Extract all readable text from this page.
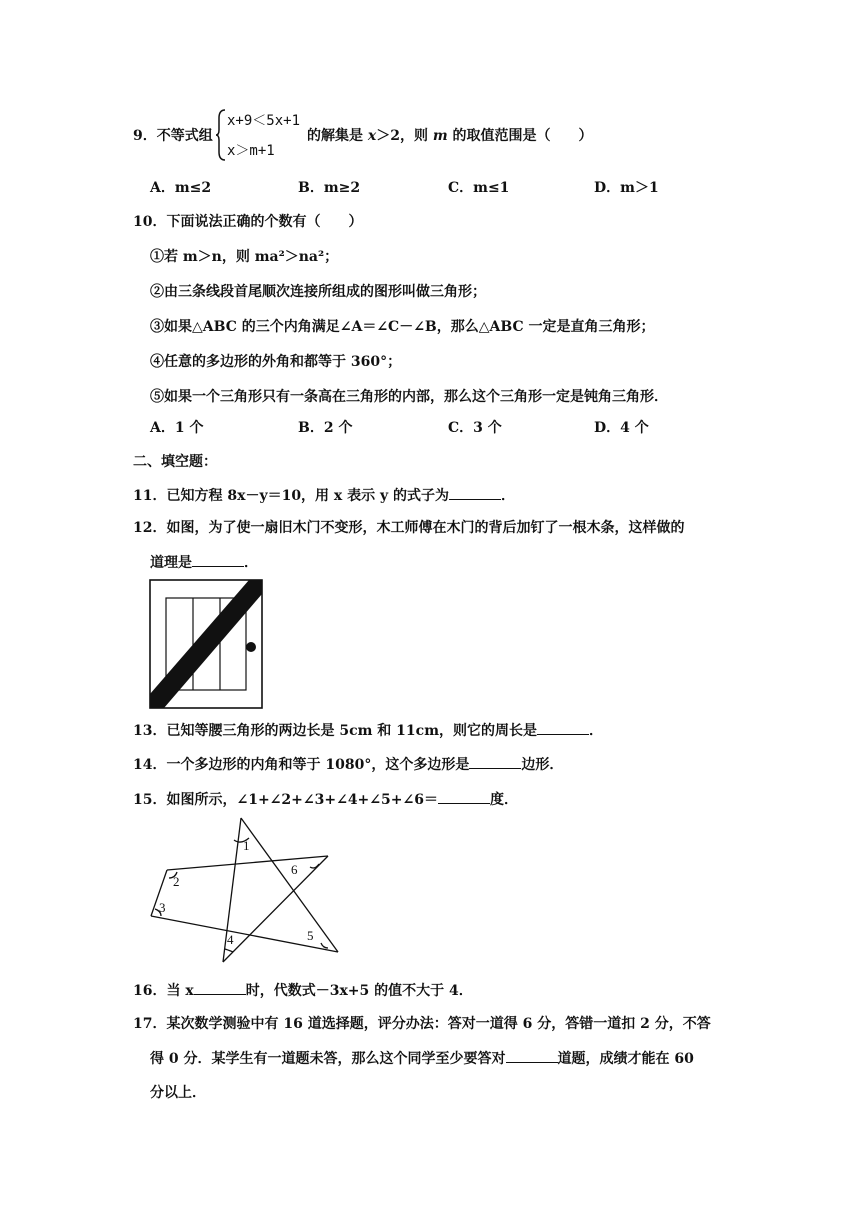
9．不等式组
x+9＜5x+1
x＞m+1
的解集是 x＞2，则 m 的取值范围是（　　）
A．m≤2	B．m≥2	C．m≤1	D．m＞1
10．下面说法正确的个数有（　　）
①若 m＞n，则 ma²＞na²；
②由三条线段首尾顺次连接所组成的图形叫做三角形；
③如果△ABC 的三个内角满足∠A＝∠C－∠B，那么△ABC 一定是直角三角形；
④任意的多边形的外角和都等于 360°；
⑤如果一个三角形只有一条高在三角形的内部，那么这个三角形一定是钝角三角形．
A．1 个	B．2 个	C．3 个	D．4 个
二、填空题：
11．已知方程 8x－y＝10，用 x 表示 y 的式子为	．
12．如图，为了使一扇旧木门不变形，木工师傅在木门的背后加钉了一根木条，这样做的
道理是	．
13．已知等腰三角形的两边长是 5cm 和 11cm，则它的周长是	．
14．一个多边形的内角和等于 1080°，这个多边形是	边形．
15．如图所示，∠1+∠2+∠3+∠4+∠5+∠6＝	度．
1
2
3
4	5
6
16．当 x	时，代数式－3x+5 的值不大于 4．
17．某次数学测验中有 16 道选择题，评分办法：答对一道得 6 分，答错一道扣 2 分，不答
得 0 分．某学生有一道题未答，那么这个同学至少要答对	道题，成绩才能在 60
分以上．
